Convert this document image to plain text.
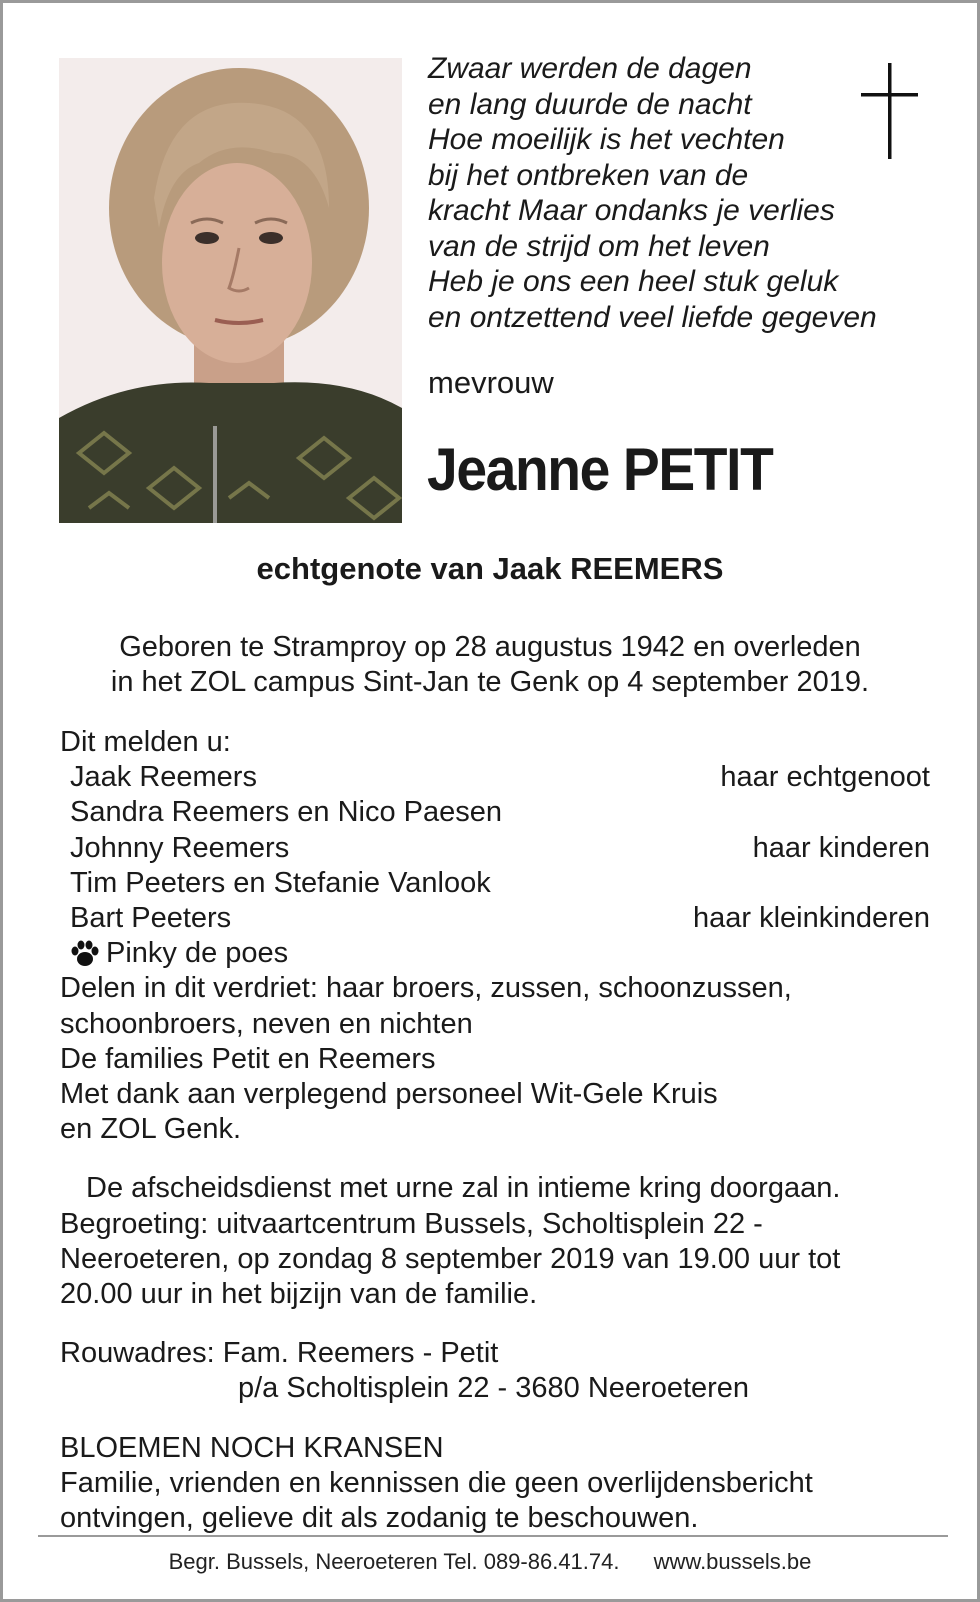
Zwaar werden de dagen
en lang duurde de nacht
Hoe moeilijk is het vechten
bij het ontbreken van de
kracht Maar ondanks je verlies
van de strijd om het leven
Heb je ons een heel stuk geluk
en ontzettend veel liefde gegeven
mevrouw
Jeanne PETIT
echtgenote van Jaak REEMERS
Geboren te Stramproy op 28 augustus 1942 en overleden
in het ZOL campus Sint-Jan te Genk op 4 september 2019.
Dit melden u:
Jaak Reemers	haar echtgenoot
Sandra Reemers en Nico Paesen
Johnny Reemers	haar kinderen
Tim Peeters en Stefanie Vanlook
Bart Peeters	haar kleinkinderen
Pinky de poes
Delen in dit verdriet: haar broers, zussen, schoonzussen,
schoonbroers, neven en nichten
De families Petit en Reemers
Met dank aan verplegend personeel Wit-Gele Kruis
en ZOL Genk.
De afscheidsdienst met urne zal in intieme kring doorgaan.
Begroeting: uitvaartcentrum Bussels, Scholtisplein 22 -
Neeroeteren, op zondag 8 september 2019 van 19.00 uur tot
20.00 uur in het bijzijn van de familie.
Rouwadres: Fam. Reemers - Petit
p/a Scholtisplein 22 - 3680 Neeroeteren
BLOEMEN NOCH KRANSEN
Familie, vrienden en kennissen die geen overlijdensbericht
ontvingen, gelieve dit als zodanig te beschouwen.
Begr. Bussels, Neeroeteren Tel. 089-86.41.74. www.bussels.be
